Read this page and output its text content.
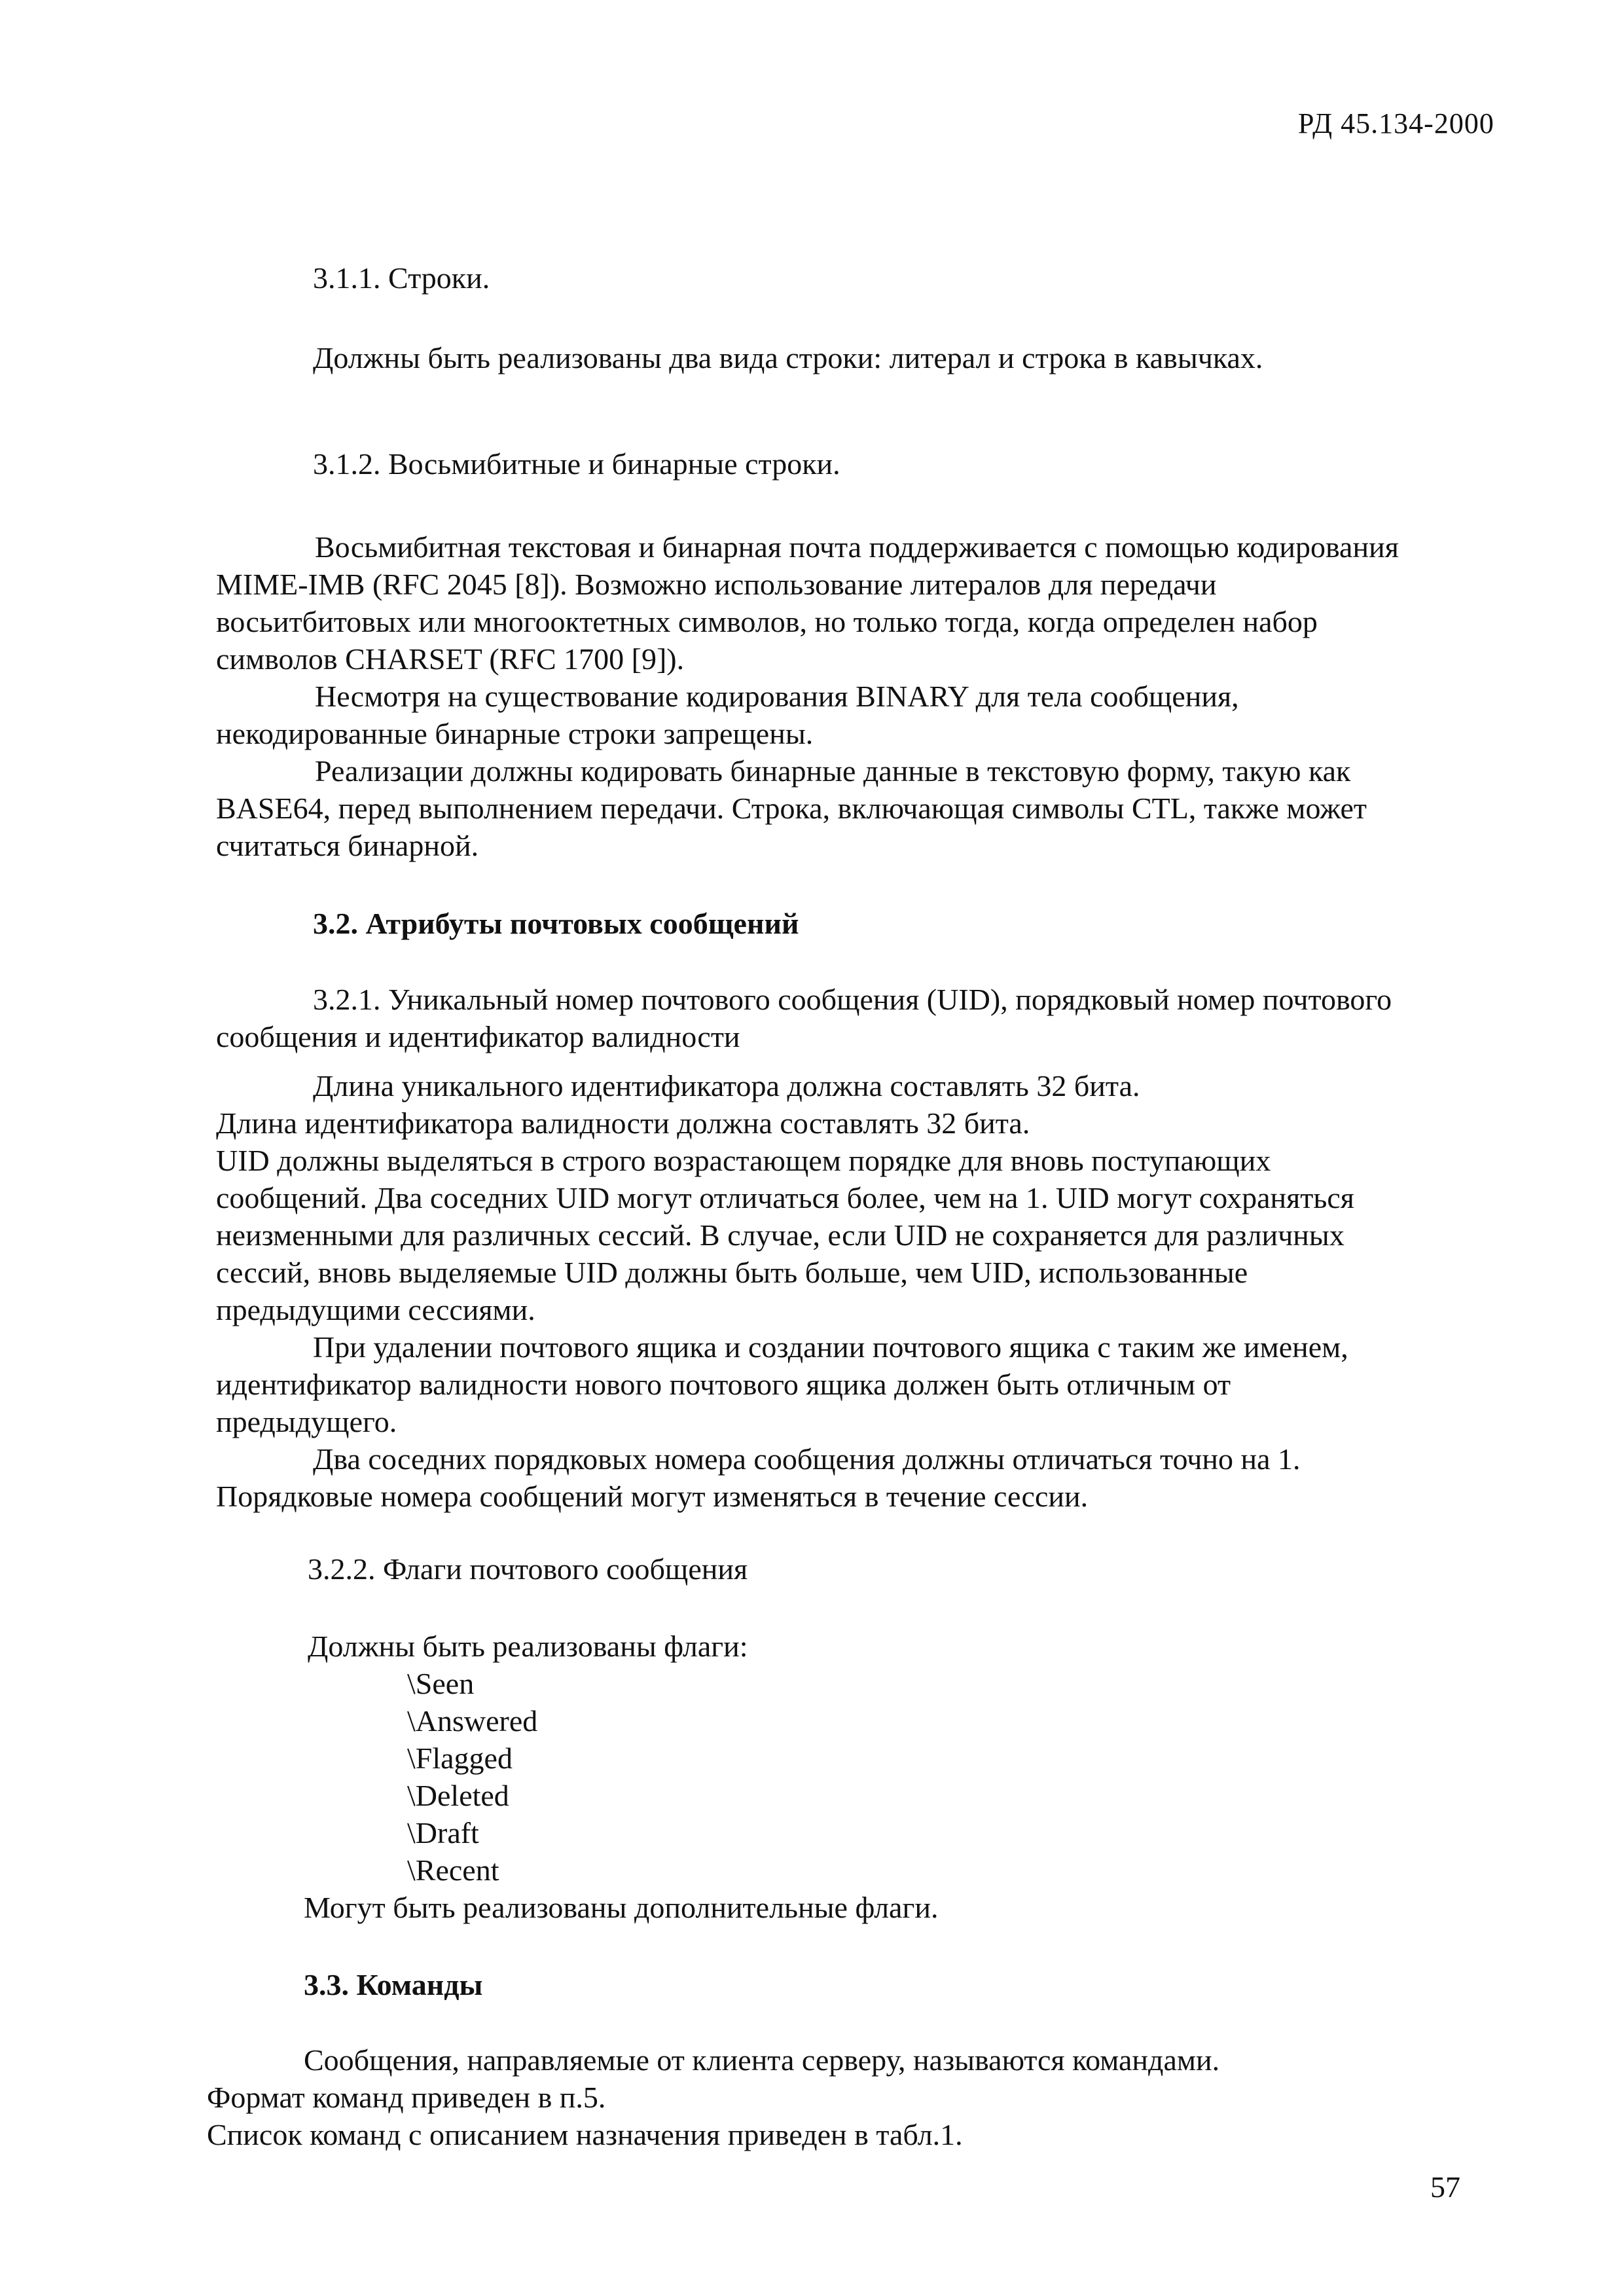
РД 45.134-2000
3.1.1. Строки.
Должны быть реализованы два вида строки: литерал и строка в кавычках.
3.1.2. Восьмибитные и бинарные строки.
Восьмибитная текстовая и бинарная почта поддерживается с помощью кодирования
MIME-IMB (RFC 2045 [8]). Возможно использование литералов для передачи
восьитбитовых или многооктетных символов, но только тогда, когда определен набор
символов CHARSET (RFC 1700 [9]).
Несмотря на существование кодирования BINARY для тела сообщения,
некодированные бинарные строки запрещены.
Реализации должны кодировать бинарные данные в текстовую форму, такую как
BASE64, перед выполнением передачи. Строка, включающая символы CTL, также может
считаться бинарной.
3.2. Атрибуты почтовых сообщений
3.2.1. Уникальный номер почтового сообщения (UID), порядковый номер почтового
сообщения и идентификатор валидности
Длина уникального идентификатора должна составлять 32 бита.
Длина идентификатора валидности должна составлять 32 бита.
UID должны выделяться в строго возрастающем порядке для вновь поступающих
сообщений. Два соседних UID могут отличаться более, чем на 1. UID могут сохраняться
неизменными для различных сессий. В случае, если UID не сохраняется для различных
сессий, вновь выделяемые UID должны быть больше, чем UID, использованные
предыдущими сессиями.
При удалении почтового ящика и создании почтового ящика с таким же именем,
идентификатор валидности нового почтового ящика должен быть отличным от
предыдущего.
Два соседних порядковых номера сообщения должны отличаться точно на 1.
Порядковые номера сообщений могут изменяться в течение сессии.
3.2.2. Флаги почтового сообщения
Должны быть реализованы флаги:
\Seen
\Answered
\Flagged
\Deleted
\Draft
\Recent
Могут быть реализованы дополнительные флаги.
3.3. Команды
Сообщения, направляемые от клиента серверу, называются командами.
Формат команд приведен в п.5.
Список команд с описанием назначения приведен в табл.1.
57
